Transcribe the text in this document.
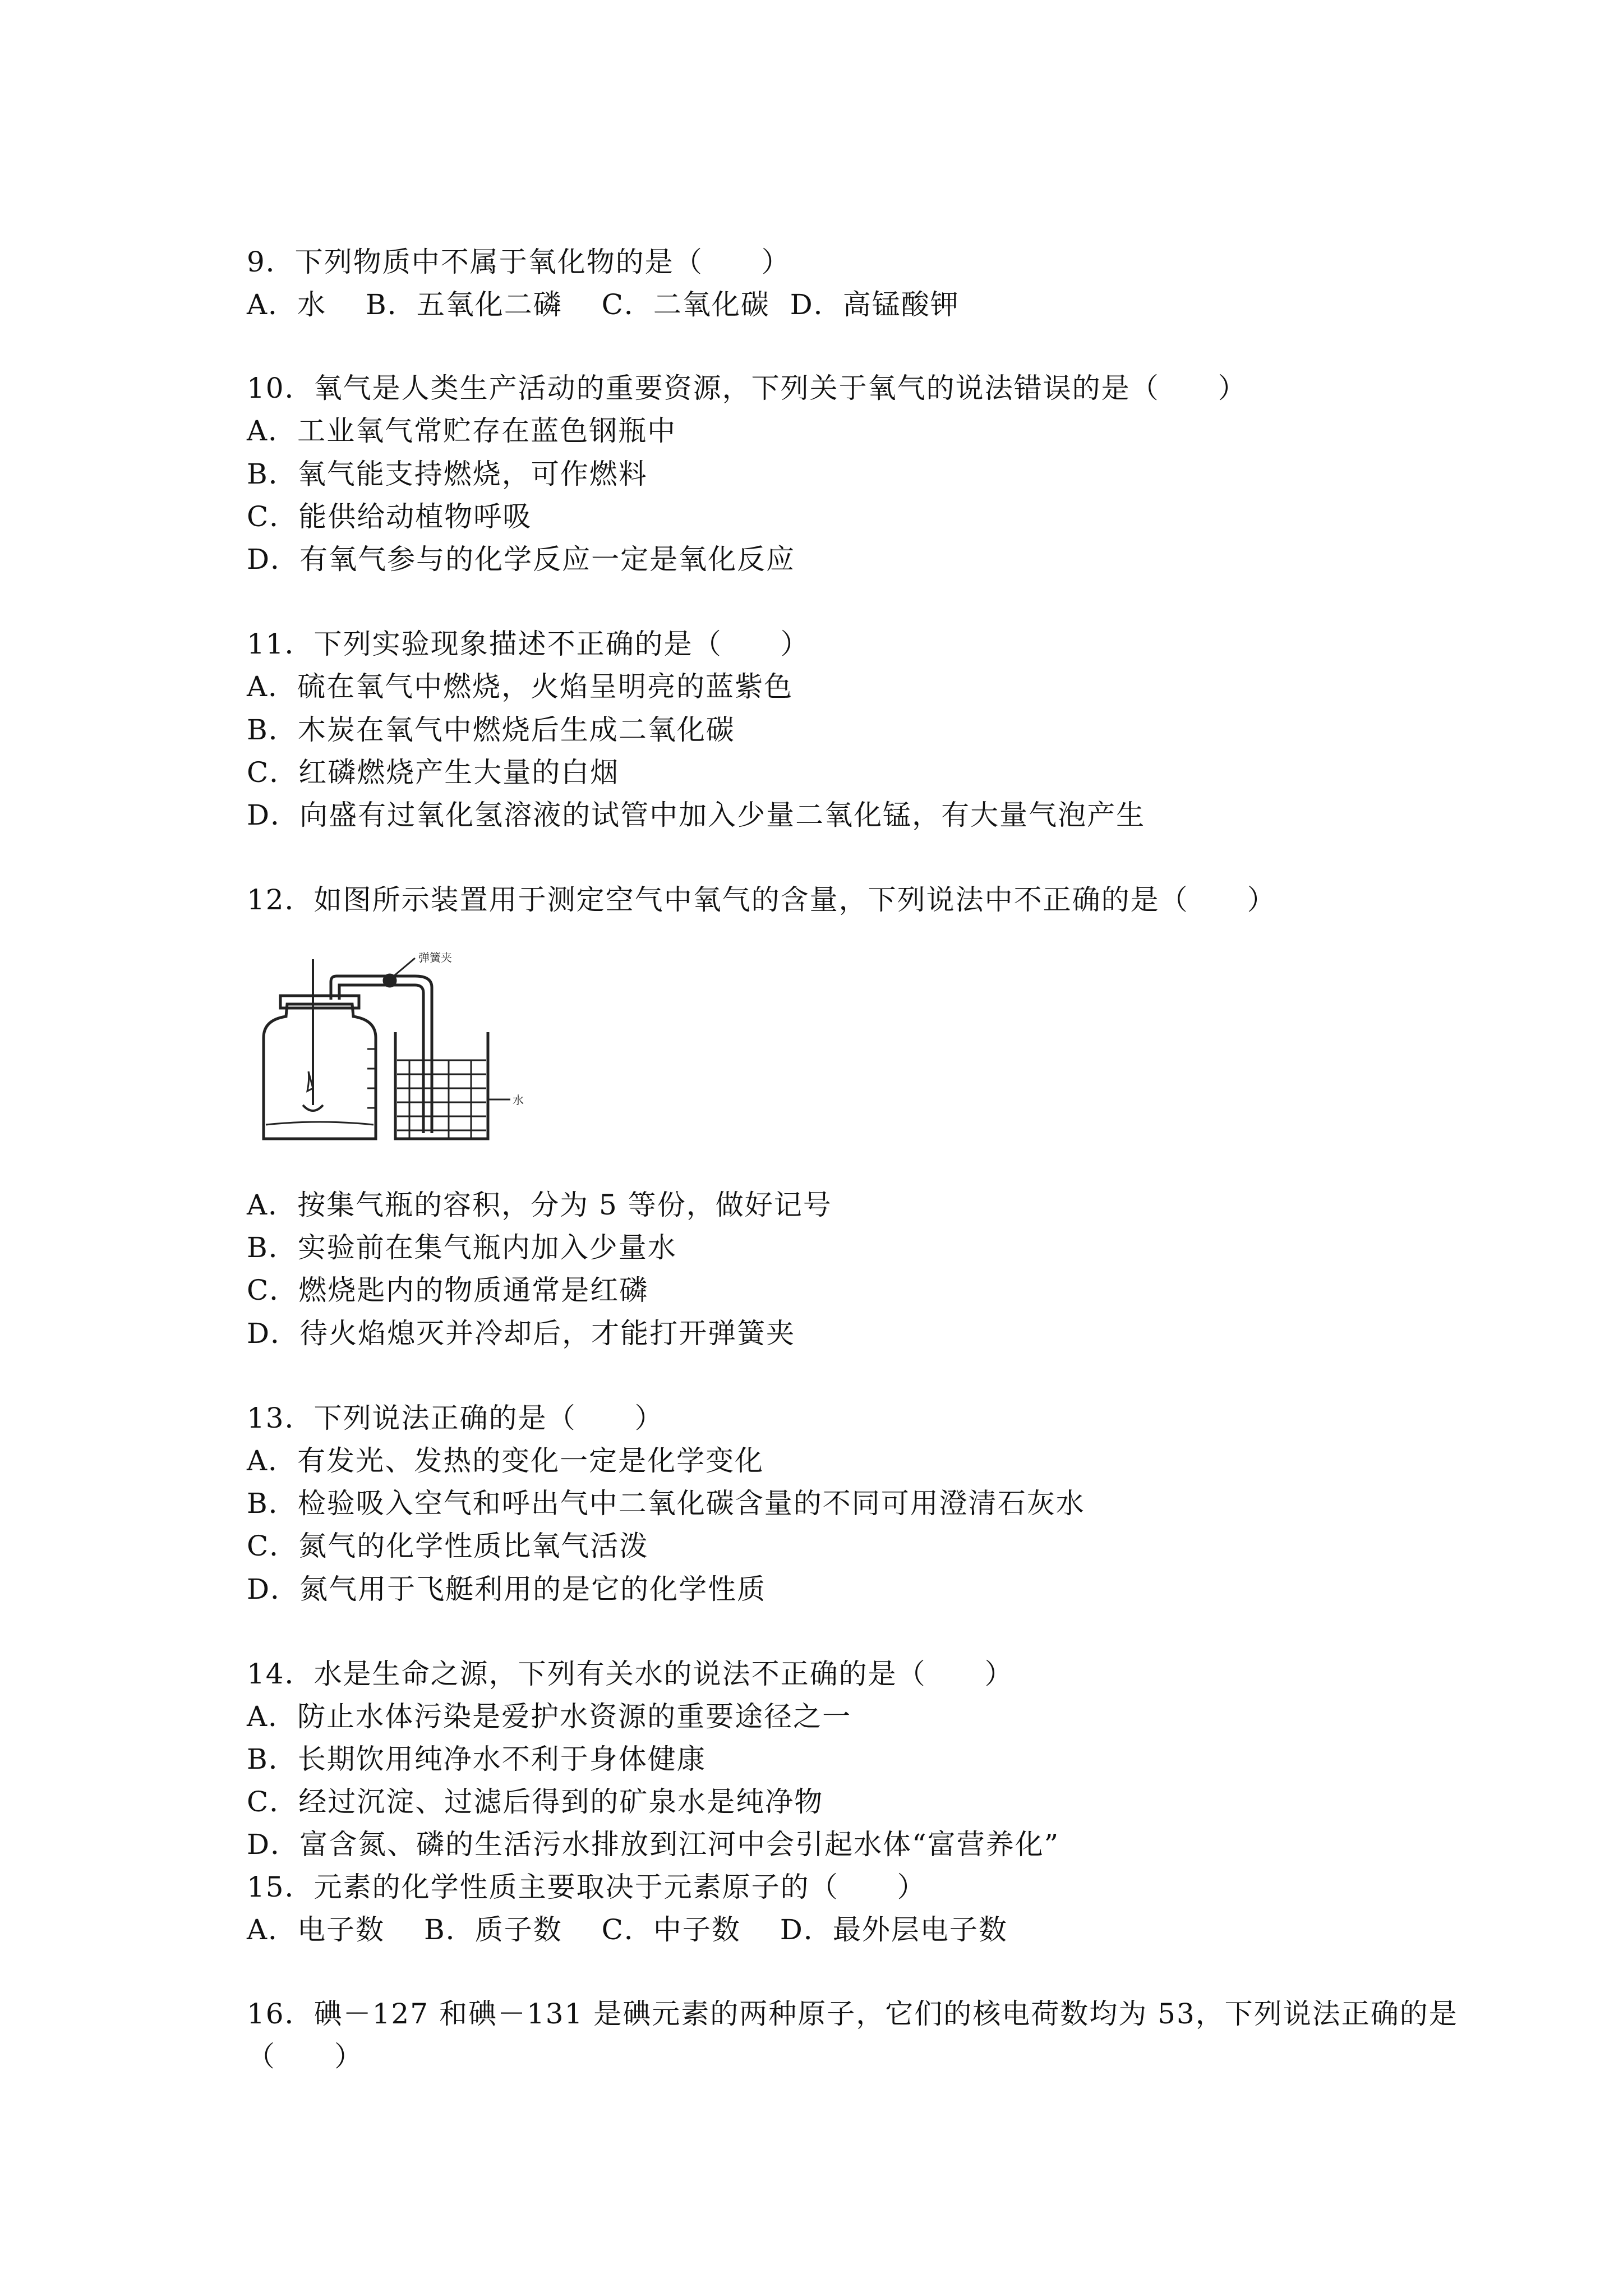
9．下列物质中不属于氧化物的是（　　）

A．水　 B．五氧化二磷　 C．二氧化碳  D．高锰酸钾

10．氧气是人类生产活动的重要资源，下列关于氧气的说法错误的是（　　）

A．工业氧气常贮存在蓝色钢瓶中

B．氧气能支持燃烧，可作燃料

C．能供给动植物呼吸

D．有氧气参与的化学反应一定是氧化反应

11．下列实验现象描述不正确的是（　　）

A．硫在氧气中燃烧，火焰呈明亮的蓝紫色

B．木炭在氧气中燃烧后生成二氧化碳

C．红磷燃烧产生大量的白烟

D．向盛有过氧化氢溶液的试管中加入少量二氧化锰，有大量气泡产生

12．如图所示装置用于测定空气中氧气的含量，下列说法中不正确的是（　　）

弹簧夹
水

A．按集气瓶的容积，分为 5 等份，做好记号

B．实验前在集气瓶内加入少量水

C．燃烧匙内的物质通常是红磷

D．待火焰熄灭并冷却后，才能打开弹簧夹

13．下列说法正确的是（　　）

A．有发光、发热的变化一定是化学变化

B．检验吸入空气和呼出气中二氧化碳含量的不同可用澄清石灰水

C．氮气的化学性质比氧气活泼

D．氮气用于飞艇利用的是它的化学性质

14．水是生命之源，下列有关水的说法不正确的是（　　）

A．防止水体污染是爱护水资源的重要途径之一

B．长期饮用纯净水不利于身体健康

C．经过沉淀、过滤后得到的矿泉水是纯净物

D．富含氮、磷的生活污水排放到江河中会引起水体“富营养化”

15．元素的化学性质主要取决于元素原子的（　　）

A．电子数　 B．质子数　 C．中子数　 D．最外层电子数

16．碘－127 和碘－131 是碘元素的两种原子，它们的核电荷数均为 53，下列说法正确的是

（　　）
